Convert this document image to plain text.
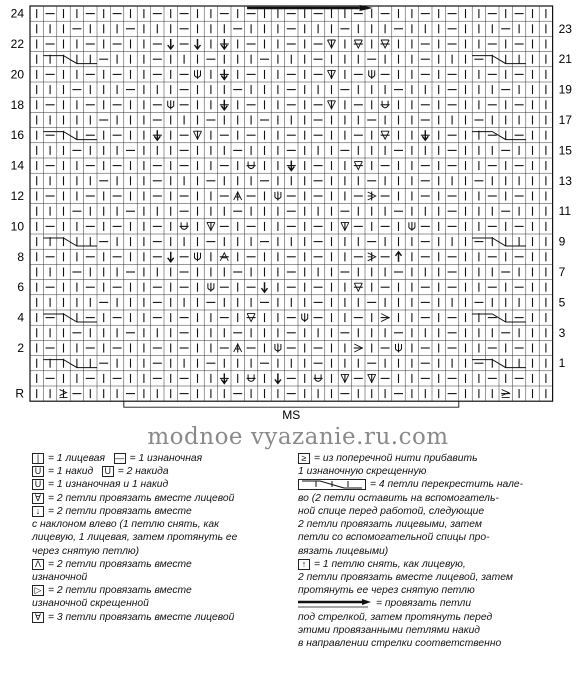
24
22
20
18
16
14
12
10
8
6
4
2
R
23
21
19
17
15
13
11
9
7
5
3
1
MS
modnoe vyazanie.ru.com
| = 1 лицевая — = 1 изнаночная
U = 1 накид Ü = 2 накида
Ū = 1 изнаночная и 1 накид
∀ = 2 петли провязать вместе лицевой
↓ = 2 петли провязать вместе
с наклоном влево (1 петлю снять, как
лицевую, 1 лицевая, затем протянуть ее
через снятую петлю)
Λ = 2 петли провязать вместе
изнаночной
▷ = 2 петли провязать вместе
изнаночной скрещенной
∀ = 3 петли провязать вместе лицевой
≥ = из поперечной нити прибавить
1 изнаночную скрещенную
= 4 петли перекрестить нале-
во (2 петли оставить на вспомогатель-
ной спице перед работой, следующие
2 петли провязать лицевыми, затем
петли со вспомогательной спицы про-
вязать лицевыми)
↑ = 1 петлю снять, как лицевую,
2 петли провязать вместе лицевой, затем
протянуть ее через снятую петлю
= провязать петли
под стрелкой, затем протянуть перед
этими провязанными петлями накид
в направлении стрелки соответственно
